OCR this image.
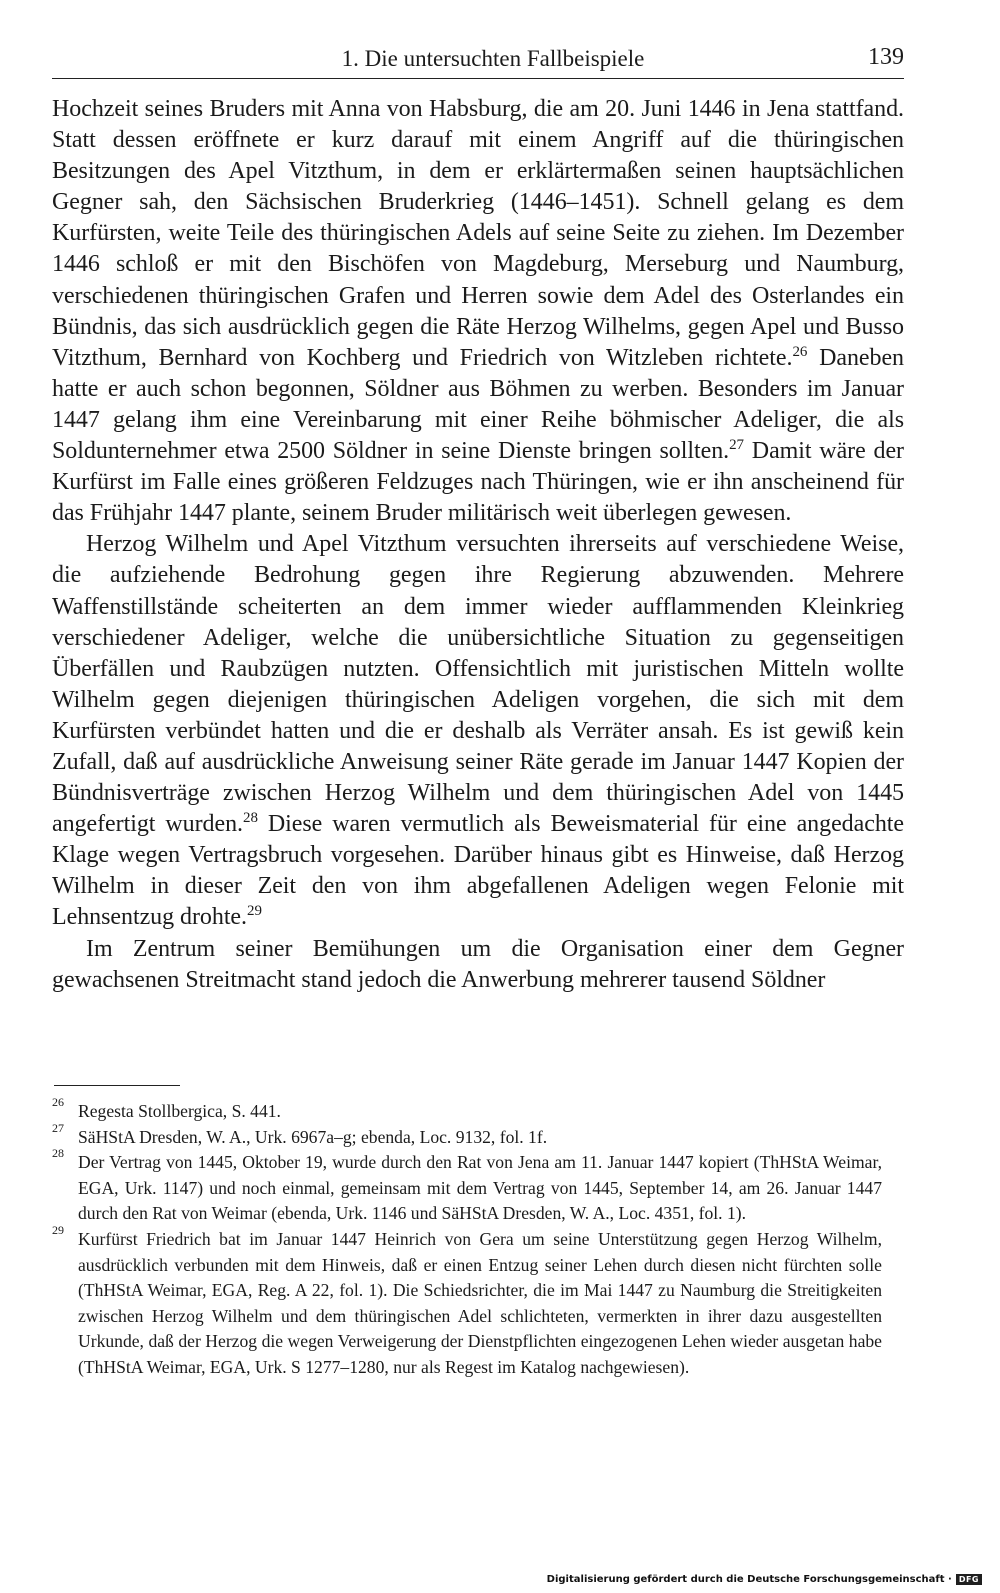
1. Die untersuchten Fallbeispiele	139

Hochzeit seines Bruders mit Anna von Habsburg, die am 20. Juni 1446 in Jena stattfand. Statt dessen eröffnete er kurz darauf mit einem Angriff auf die thüringischen Besitzungen des Apel Vitzthum, in dem er erklärtermaßen seinen hauptsächlichen Gegner sah, den Sächsischen Bruderkrieg (1446–1451). Schnell gelang es dem Kurfürsten, weite Teile des thüringischen Adels auf seine Seite zu ziehen. Im Dezember 1446 schloß er mit den Bischöfen von Magdeburg, Merseburg und Naumburg, verschiedenen thüringischen Grafen und Herren sowie dem Adel des Osterlandes ein Bündnis, das sich ausdrücklich gegen die Räte Herzog Wilhelms, gegen Apel und Busso Vitzthum, Bernhard von Kochberg und Friedrich von Witzleben richtete.$^{26}$ Daneben hatte er auch schon begonnen, Söldner aus Böhmen zu werben. Besonders im Januar 1447 gelang ihm eine Vereinbarung mit einer Reihe böhmischer Adeliger, die als Soldunternehmer etwa 2500 Söldner in seine Dienste bringen sollten.$^{27}$ Damit wäre der Kurfürst im Falle eines größeren Feldzuges nach Thüringen, wie er ihn anscheinend für das Frühjahr 1447 plante, seinem Bruder militärisch weit überlegen gewesen.

Herzog Wilhelm und Apel Vitzthum versuchten ihrerseits auf verschiedene Weise, die aufziehende Bedrohung gegen ihre Regierung abzuwenden. Mehrere Waffenstillstände scheiterten an dem immer wieder aufflammenden Kleinkrieg verschiedener Adeliger, welche die unübersichtliche Situation zu gegenseitigen Überfällen und Raubzügen nutzten. Offensichtlich mit juristischen Mitteln wollte Wilhelm gegen diejenigen thüringischen Adeligen vorgehen, die sich mit dem Kurfürsten verbündet hatten und die er deshalb als Verräter ansah. Es ist gewiß kein Zufall, daß auf ausdrückliche Anweisung seiner Räte gerade im Januar 1447 Kopien der Bündnisverträge zwischen Herzog Wilhelm und dem thüringischen Adel von 1445 angefertigt wurden.$^{28}$ Diese waren vermutlich als Beweismaterial für eine angedachte Klage wegen Vertragsbruch vorgesehen. Darüber hinaus gibt es Hinweise, daß Herzog Wilhelm in dieser Zeit den von ihm abgefallenen Adeligen wegen Felonie mit Lehnsentzug drohte.$^{29}$

Im Zentrum seiner Bemühungen um die Organisation einer dem Gegner gewachsenen Streitmacht stand jedoch die Anwerbung mehrerer tausend Söldner

26 Regesta Stollbergica, S. 441.

27 SäHStA Dresden, W. A., Urk. 6967a–g; ebenda, Loc. 9132, fol. 1f.

28 Der Vertrag von 1445, Oktober 19, wurde durch den Rat von Jena am 11. Januar 1447 kopiert (ThHStA Weimar, EGA, Urk. 1147) und noch einmal, gemeinsam mit dem Vertrag von 1445, September 14, am 26. Januar 1447 durch den Rat von Weimar (ebenda, Urk. 1146 und SäHStA Dresden, W. A., Loc. 4351, fol. 1).

29 Kurfürst Friedrich bat im Januar 1447 Heinrich von Gera um seine Unterstützung gegen Herzog Wilhelm, ausdrücklich verbunden mit dem Hinweis, daß er einen Entzug seiner Lehen durch diesen nicht fürchten solle (ThHStA Weimar, EGA, Reg. A 22, fol. 1). Die Schiedsrichter, die im Mai 1447 zu Naumburg die Streitigkeiten zwischen Herzog Wilhelm und dem thüringischen Adel schlichteten, vermerkten in ihrer dazu ausgestellten Urkunde, daß der Herzog die wegen Verweigerung der Dienstpflichten eingezogenen Lehen wieder ausgetan habe (ThHStA Weimar, EGA, Urk. S 1277–1280, nur als Regest im Katalog nachgewiesen).

Digitalisierung gefördert durch die Deutsche Forschungsgemeinschaft · DFG
